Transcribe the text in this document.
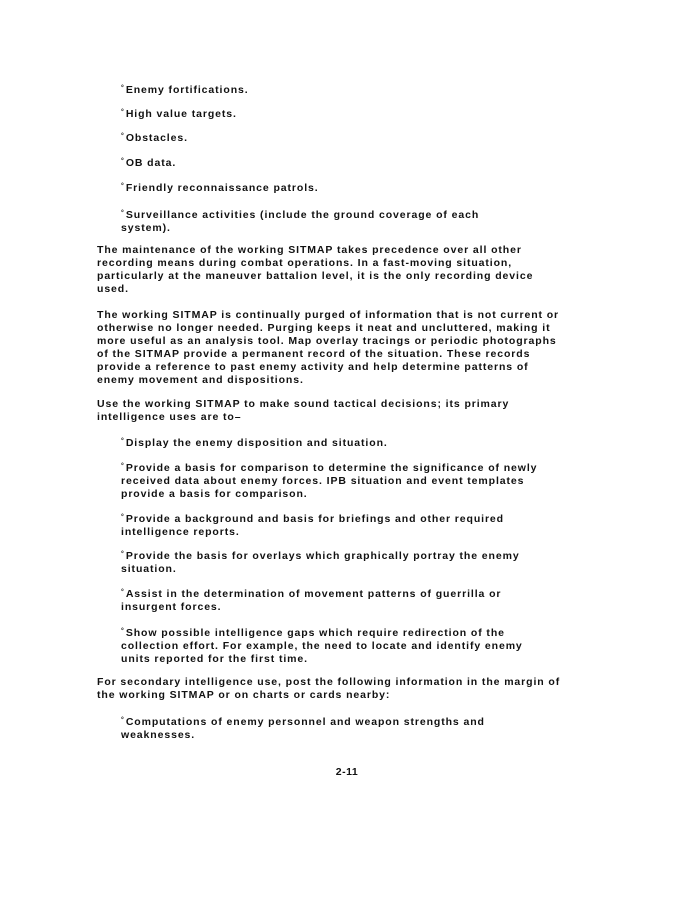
° Enemy fortifications.
° High value targets.
° Obstacles.
° OB data.
° Friendly reconnaissance patrols.
° Surveillance activities (include the ground coverage of each system).

The maintenance of the working SITMAP takes precedence over all other recording means during combat operations. In a fast-moving situation, particularly at the maneuver battalion level, it is the only recording device used.

The working SITMAP is continually purged of information that is not current or otherwise no longer needed. Purging keeps it neat and uncluttered, making it more useful as an analysis tool. Map overlay tracings or periodic photographs of the SITMAP provide a permanent record of the situation. These records provide a reference to past enemy activity and help determine patterns of enemy movement and dispositions.

Use the working SITMAP to make sound tactical decisions; its primary intelligence uses are to–

° Display the enemy disposition and situation.
° Provide a basis for comparison to determine the significance of newly received data about enemy forces. IPB situation and event templates provide a basis for comparison.
° Provide a background and basis for briefings and other required intelligence reports.
° Provide the basis for overlays which graphically portray the enemy situation.
° Assist in the determination of movement patterns of guerrilla or insurgent forces.
° Show possible intelligence gaps which require redirection of the collection effort. For example, the need to locate and identify enemy units reported for the first time.

For secondary intelligence use, post the following information in the margin of the working SITMAP or on charts or cards nearby:

° Computations of enemy personnel and weapon strengths and weaknesses.
2-11
